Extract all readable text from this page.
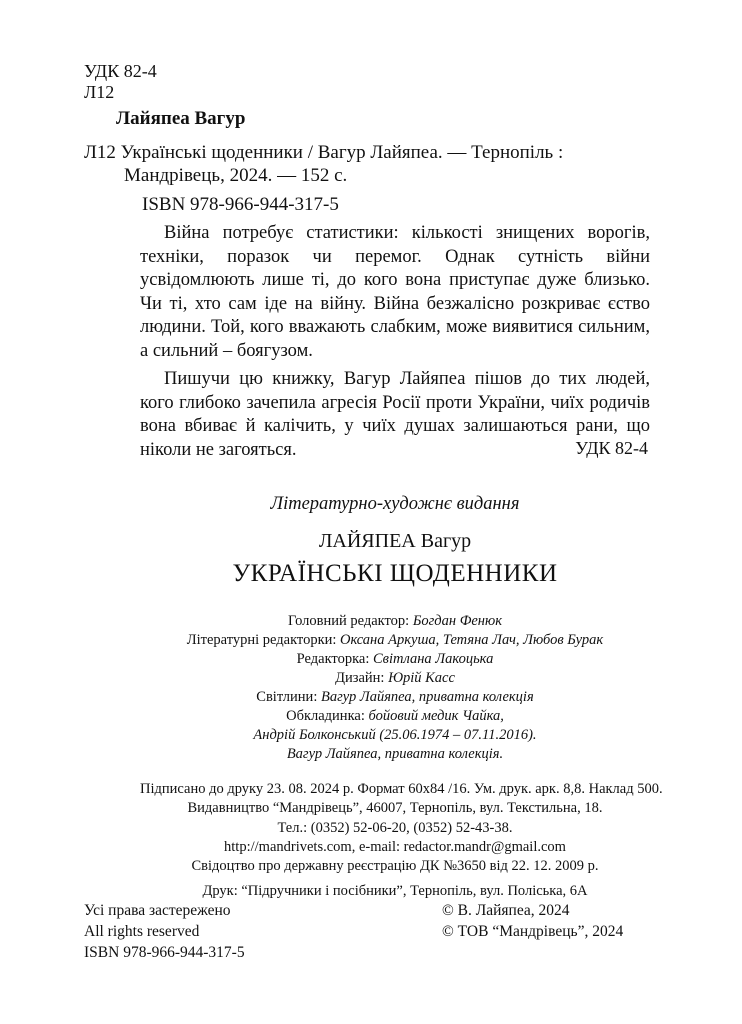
УДК 82-4
Л12
Лайяпеа Вагур
Л12 Українські щоденники / Вагур Лайяпеа. — Тернопіль :
Мандрівець, 2024. — 152 с.
ISBN 978-966-944-317-5

Війна потребує статистики: кількості знищених ворогів, техніки, поразок чи перемог. Однак сутність війни усвідомлюють лише ті, до кого вона приступає дуже близько. Чи ті, хто сам іде на війну. Війна безжалісно розкриває єство людини. Той, кого вважають слабким, може виявитися сильним, а сильний – боягузом.

Пишучи цю книжку, Вагур Лайяпеа пішов до тих людей, кого глибоко зачепила агресія Росії проти України, чиїх родичів вона вбиває й калічить, у чиїх душах залишаються рани, що ніколи не загояться.	УДК 82-4
Літературно-художнє видання
ЛАЙЯПЕА Вагур
УКРАЇНСЬКІ ЩОДЕННИКИ
Головний редактор: Богдан Фенюк
Літературні редакторки: Оксана Аркуша, Тетяна Лач, Любов Бурак
Редакторка: Світлана Лакоцька
Дизайн: Юрій Касс
Світлини: Вагур Лайяпеа, приватна колекція
Обкладинка: бойовий медик Чайка,
Андрій Болконський (25.06.1974 – 07.11.2016).
Вагур Лайяпеа, приватна колекція.
Підписано до друку 23. 08. 2024 р. Формат 60х84 /16. Ум. друк. арк. 8,8. Наклад 500.
Видавництво “Мандрівець”, 46007, Тернопіль, вул. Текстильна, 18.
Тел.: (0352) 52-06-20, (0352) 52-43-38.
http://mandrivets.com, e-mail: redactor.mandr@gmail.com
Свідоцтво про державну реєстрацію ДК №3650 від 22. 12. 2009 р.
Друк: “Підручники і посібники”, Тернопіль, вул. Поліська, 6А
Усі права застережено
All rights reserved
ISBN 978-966-944-317-5
© В. Лайяпеа, 2024
© ТОВ “Мандрівець”, 2024
